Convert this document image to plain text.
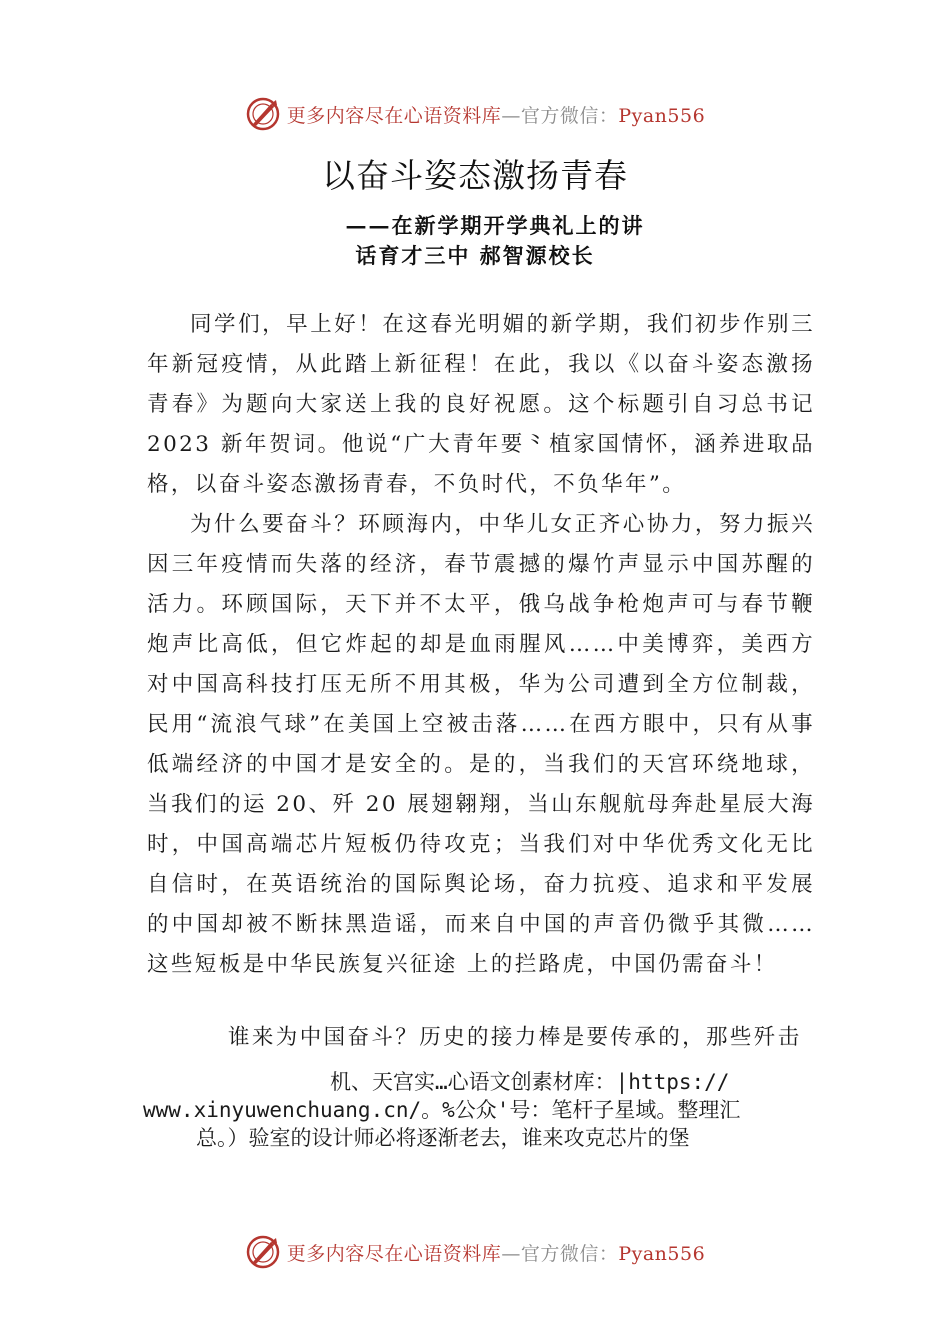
更多内容尽在心语资料库—官方微信：Pyan556
以奋斗姿态激扬青春
——在新学期开学典礼上的讲
话育才三中 郝智源校长

同学们，早上好！在这春光明媚的新学期，我们初步作别三年新冠疫情，从此踏上新征程！在此，我以《以奋斗姿态激扬青春》为题向大家送上我的良好祝愿。这个标题引自习总书记 2023 新年贺词。他说“广大青年要⺀植家国情怀，涵养进取品格，以奋斗姿态激扬青春，不负时代，不负华年”。

为什么要奋斗？环顾海内，中华儿女正齐心协力，努力振兴因三年疫情而失落的经济，春节震撼的爆竹声显示中国苏醒的活力。环顾国际，天下并不太平，俄乌战争枪炮声可与春节鞭炮声比高低，但它炸起的却是血雨腥风……中美博弈，美西方对中国高科技打压无所不用其极，华为公司遭到全方位制裁，民用“流浪气球”在美国上空被击落……在西方眼中，只有从事低端经济的中国才是安全的。是的，当我们的天宫环绕地球，当我们的运 20、歼 20 展翅翱翔，当山东舰航母奔赴星辰大海时，中国高端芯片短板仍待攻克；当我们对中华优秀文化无比自信时，在英语统治的国际舆论场，奋力抗疫、追求和平发展的中国却被不断抹黑造谣，而来自中国的声音仍微乎其微……这些短板是中华民族复兴征途 上的拦路虎，中国仍需奋斗！

谁来为中国奋斗？历史的接力棒是要传承的，那些歼击
机、天宫实…心语文创素材库：|https://
www.xinyuwenchuang.cn/。%公众'号：笔杆子星域。整理汇
总。）验室的设计师必将逐渐老去，谁来攻克芯片的堡
更多内容尽在心语资料库—官方微信：Pyan556
